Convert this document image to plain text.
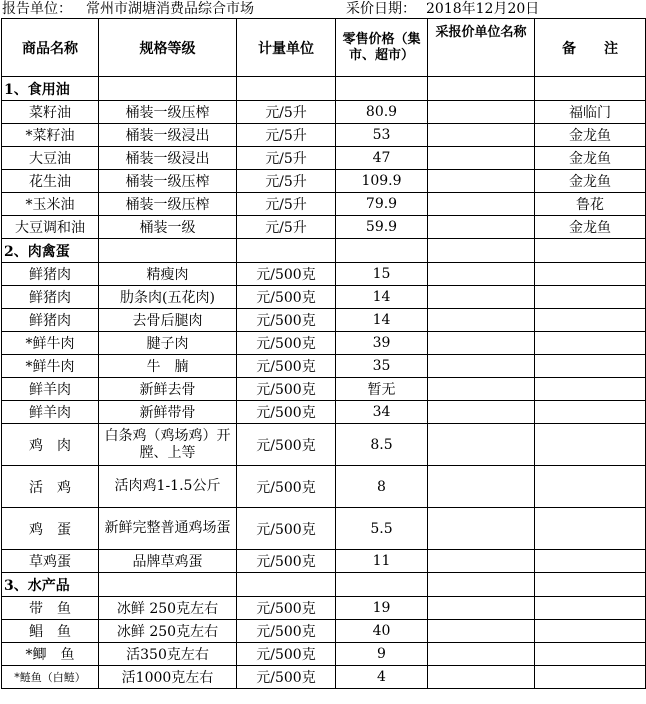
报告单位： 常州市湖塘消费品综合市场	采价日期： 2018年12月20日
商品名称	规格等级	计量单位	零售价格（集市、超市）	采报价单位名称	备　　注
1、食用油					
菜籽油	桶装一级压榨	元/5升	80.9		福临门
*菜籽油	桶装一级浸出	元/5升	53		金龙鱼
大豆油	桶装一级浸出	元/5升	47		金龙鱼
花生油	桶装一级压榨	元/5升	109.9		金龙鱼
*玉米油	桶装一级压榨	元/5升	79.9		鲁花
大豆调和油	桶装一级	元/5升	59.9		金龙鱼
2、肉禽蛋					
鲜猪肉	精瘦肉	元/500克	15		
鲜猪肉	肋条肉(五花肉)	元/500克	14		
鲜猪肉	去骨后腿肉	元/500克	14		
*鲜牛肉	腱子肉	元/500克	39		
*鲜牛肉	牛　腩	元/500克	35		
鲜羊肉	新鲜去骨	元/500克	暂无		
鲜羊肉	新鲜带骨	元/500克	34		
鸡　肉	白条鸡（鸡场鸡）开膛、上等	元/500克	8.5		
活　鸡	活肉鸡1-1.5公斤	元/500克	8		
鸡　蛋	新鲜完整普通鸡场蛋	元/500克	5.5		
草鸡蛋	品牌草鸡蛋	元/500克	11		
3、水产品					
带　鱼	冰鲜 250克左右	元/500克	19		
鲳　鱼	冰鲜 250克左右	元/500克	40		
*鲫　鱼	活350克左右	元/500克	9		
*鲢鱼（白鲢）	活1000克左右	元/500克	4		
